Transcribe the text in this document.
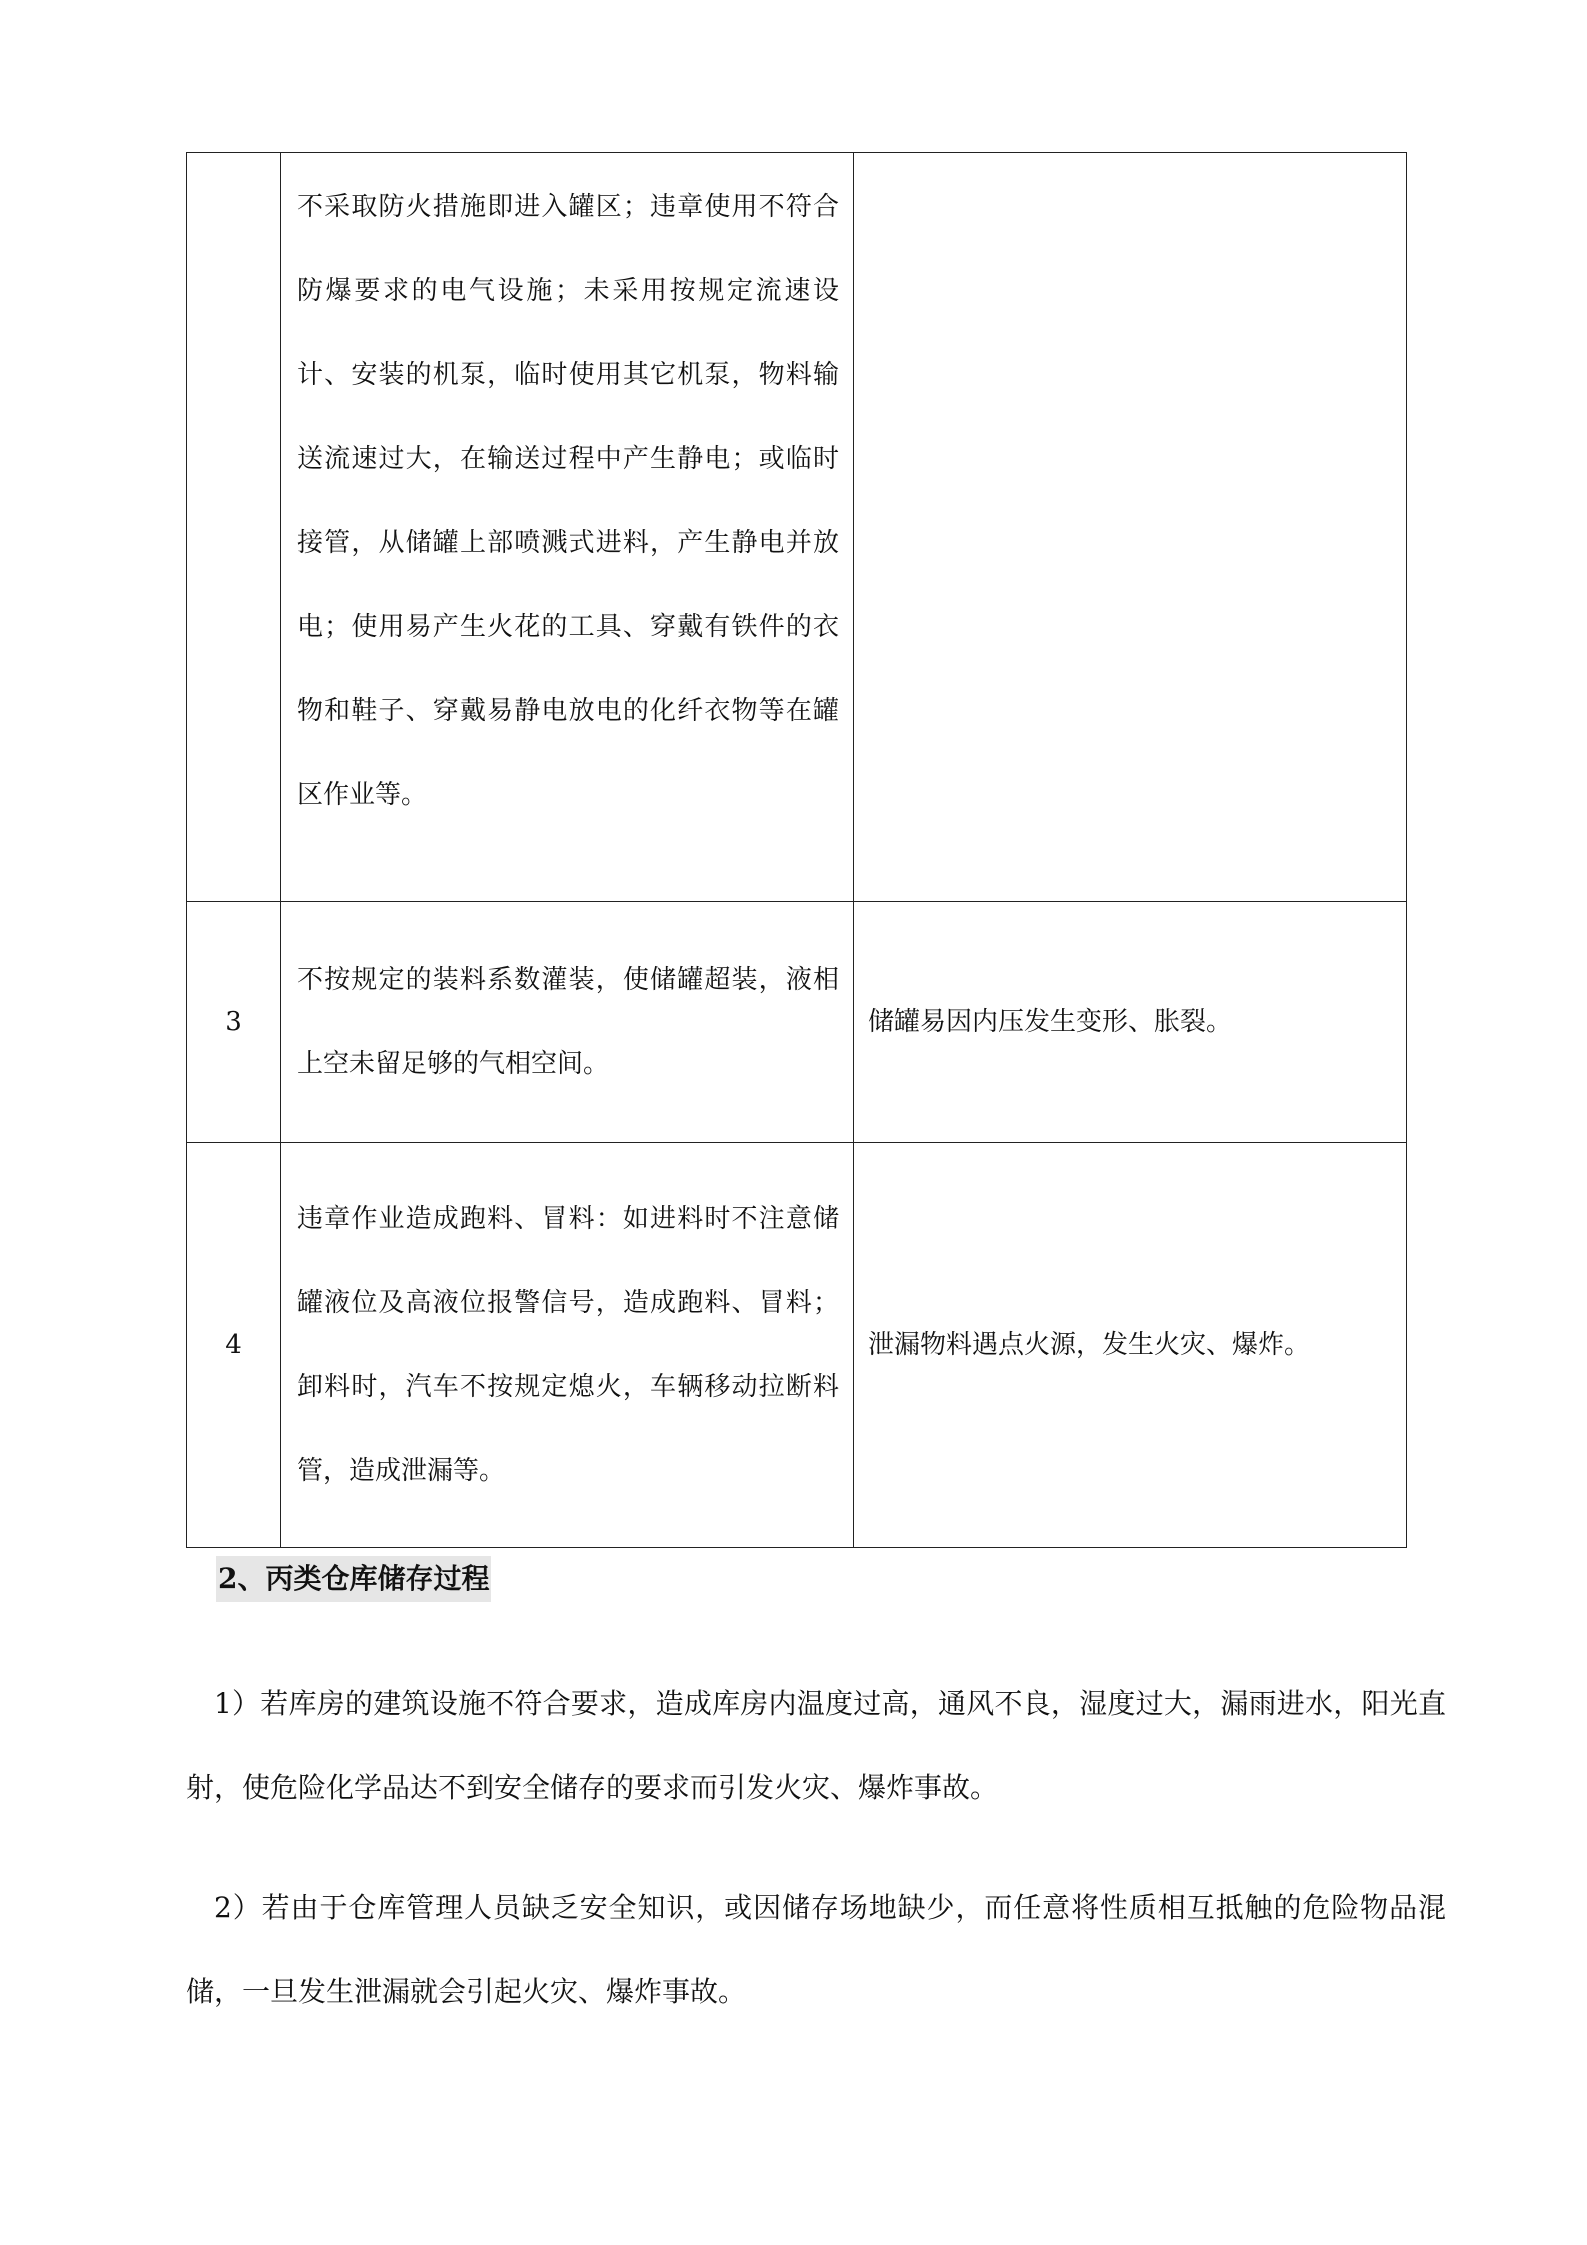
	不采取防火措施即进入罐区；违章使用不符合防爆要求的电气设施；未采用按规定流速设计、安装的机泵，临时使用其它机泵，物料输送流速过大，在输送过程中产生静电；或临时接管，从储罐上部喷溅式进料，产生静电并放电；使用易产生火花的工具、穿戴有铁件的衣物和鞋子、穿戴易静电放电的化纤衣物等在罐区作业等。	
3	不按规定的装料系数灌装，使储罐超装，液相上空未留足够的气相空间。	储罐易因内压发生变形、胀裂。
4	违章作业造成跑料、冒料：如进料时不注意储罐液位及高液位报警信号，造成跑料、冒料；卸料时，汽车不按规定熄火，车辆移动拉断料管，造成泄漏等。	泄漏物料遇点火源，发生火灾、爆炸。
2、丙类仓库储存过程

1）若库房的建筑设施不符合要求，造成库房内温度过高，通风不良，湿度过大，漏雨进水，阳光直射，使危险化学品达不到安全储存的要求而引发火灾、爆炸事故。

2）若由于仓库管理人员缺乏安全知识，或因储存场地缺少，而任意将性质相互抵触的危险物品混储，一旦发生泄漏就会引起火灾、爆炸事故。
